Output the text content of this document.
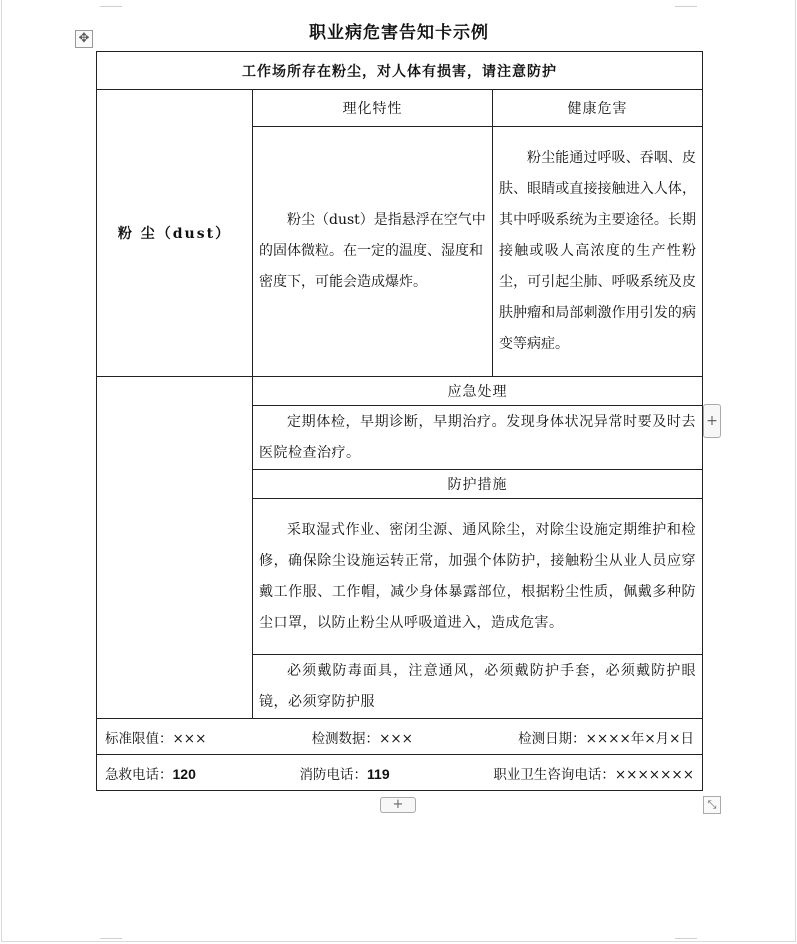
职业病危害告知卡示例
✥
工作场所存在粉尘，对人体有损害，请注意防护		
粉 尘（dust）	理化特性	健康危害

	粉尘（dust）是指悬浮在空气中的固体微粒。在一定的温度、湿度和密度下，可能会造成爆炸。	粉尘能通过呼吸、吞咽、皮肤、眼睛或直接接触进入人体，其中呼吸系统为主要途径。长期接触或吸人高浓度的生产性粉尘，可引起尘肺、呼吸系统及皮肤肿瘤和局部刺激作用引发的病变等病症。

	应急处理	

	定期体检，早期诊断，早期治疗。发现身体状况异常时要及时去医院检查治疗。	

	防护措施	

	采取湿式作业、密闭尘源、通风除尘，对除尘设施定期维护和检修，确保除尘设施运转正常，加强个体防护，接触粉尘从业人员应穿戴工作服、工作帽，减少身体暴露部位，根据粉尘性质，佩戴多种防尘口罩，以防止粉尘从呼吸道进入，造成危害。	

	必须戴防毒面具，注意通风，必须戴防护手套，必须戴防护眼镜，必须穿防护服	

标准限值：××× 检测数据：××× 检测日期：××××年×月×日		

急救电话：120 消防电话：119 职业卫生咨询电话：×××××××		
+
+	⤡
